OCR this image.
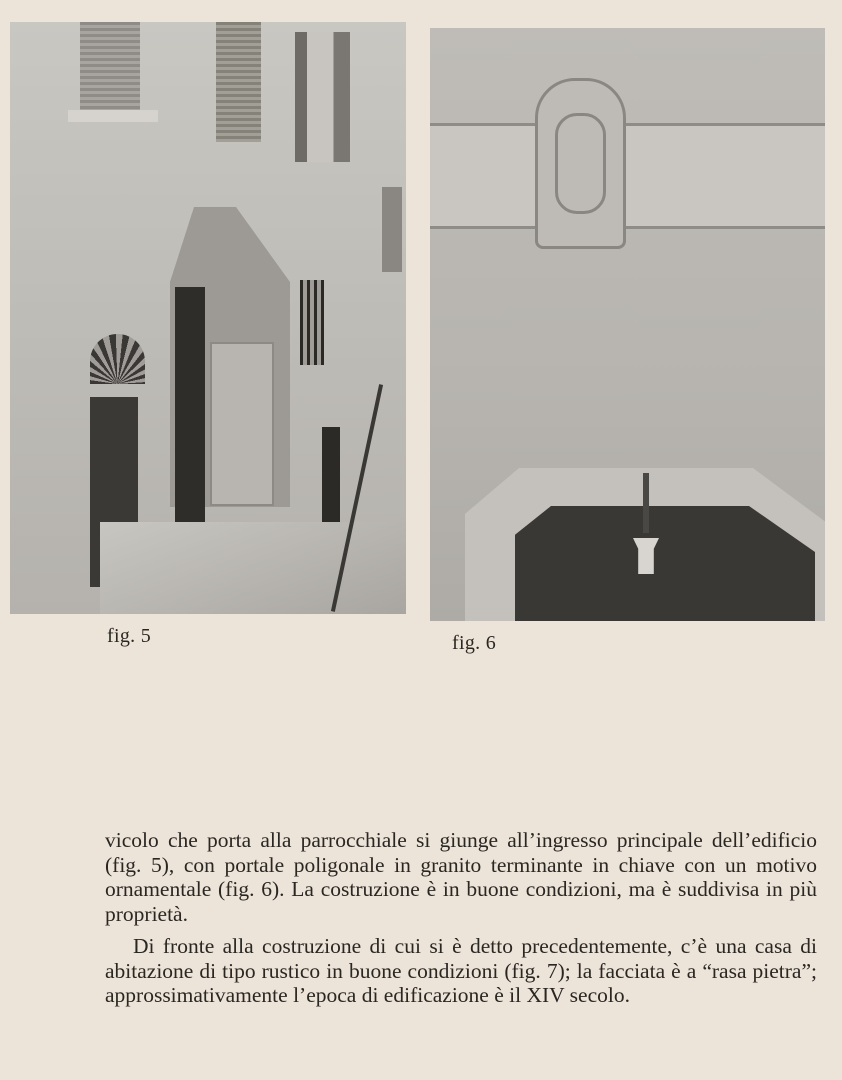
fig. 5	fig. 6

vicolo che porta alla parrocchiale si giunge all’ingresso principale dell’edificio (fig. 5), con portale poligonale in granito terminante in chiave con un motivo ornamentale (fig. 6). La costruzione è in buone condizioni, ma è suddivisa in più proprietà.

Di fronte alla costruzione di cui si è detto precedentemente, c’è una casa di abitazione di tipo rustico in buone condizioni (fig. 7); la facciata è a “rasa pietra”; approssimativamente l’epoca di edificazione è il XIV secolo.
